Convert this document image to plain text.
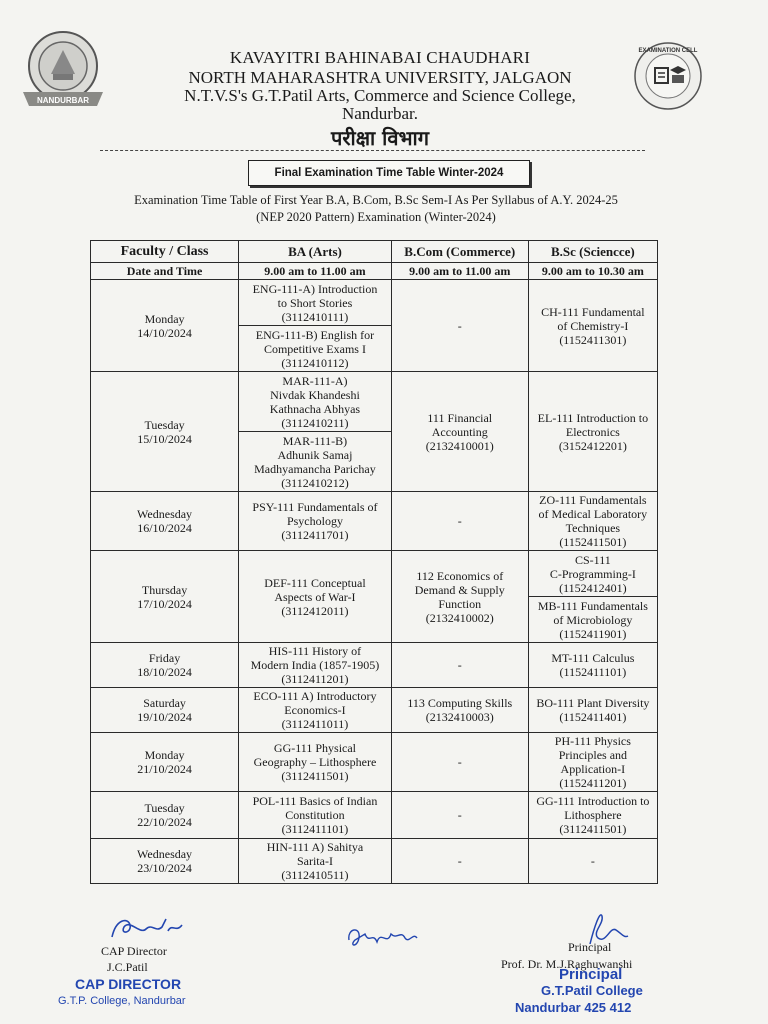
NANDURBAR
EXAMINATION CELL
KAVAYITRI BAHINABAI CHAUDHARI
NORTH MAHARASHTRA UNIVERSITY, JALGAON
N.T.V.S's G.T.Patil Arts, Commerce and Science College,
Nandurbar.
परीक्षा विभाग
Final Examination Time Table Winter-2024
Examination Time Table of First Year B.A, B.Com, B.Sc Sem-I As Per Syllabus of A.Y. 2024-25
(NEP 2020 Pattern) Examination (Winter-2024)
Faculty / Class	BA (Arts)	B.Com (Commerce)	B.Sc (Sciencce)
Date and Time	9.00 am to 11.00 am	9.00 am to 11.00 am	9.00 am to 10.30 am
Monday
14/10/2024	ENG-111-A) Introduction
to Short Stories
(3112410111)	-	CH-111 Fundamental
of Chemistry-I
(1152411301)
	ENG-111-B) English for
Competitive Exams I
(3112410112)		
Tuesday
15/10/2024	MAR-111-A)
Nivdak Khandeshi
Kathnacha Abhyas
(3112410211)	111 Financial
Accounting
(2132410001)	EL-111 Introduction to
Electronics
(3152412201)
	MAR-111-B)
Adhunik Samaj
Madhyamancha Parichay
(3112410212)		
Wednesday
16/10/2024	PSY-111 Fundamentals of
Psychology
(3112411701)	-	ZO-111 Fundamentals
of Medical Laboratory
Techniques
(1152411501)
Thursday
17/10/2024	DEF-111 Conceptual
Aspects of War-I
(3112412011)	112 Economics of
Demand & Supply
Function
(2132410002)	CS-111
C-Programming-I
(1152412401)
			MB-111 Fundamentals
of Microbiology
(1152411901)
Friday
18/10/2024	HIS-111 History of
Modern India (1857-1905)
(3112411201)	-	MT-111 Calculus
(1152411101)
Saturday
19/10/2024	ECO-111 A) Introductory
Economics-I
(3112411011)	113 Computing Skills
(2132410003)	BO-111 Plant Diversity
(1152411401)
Monday
21/10/2024	GG-111 Physical
Geography – Lithosphere
(3112411501)	-	PH-111 Physics
Principles and
Application-I
(1152411201)
Tuesday
22/10/2024	POL-111 Basics of Indian
Constitution
(3112411101)	-	GG-111 Introduction to
Lithosphere
(3112411501)
Wednesday
23/10/2024	HIN-111 A) Sahitya
Sarita-I
(3112410511)	-	-
Patil
Gujrah
CAP Director
J.C.Patil
CAP DIRECTOR
G.T.P. College, Nandurbar
Principal
Prof. Dr. M.J.Raghuwanshi
Principal
G.T.Patil College
Nandurbar 425 412
